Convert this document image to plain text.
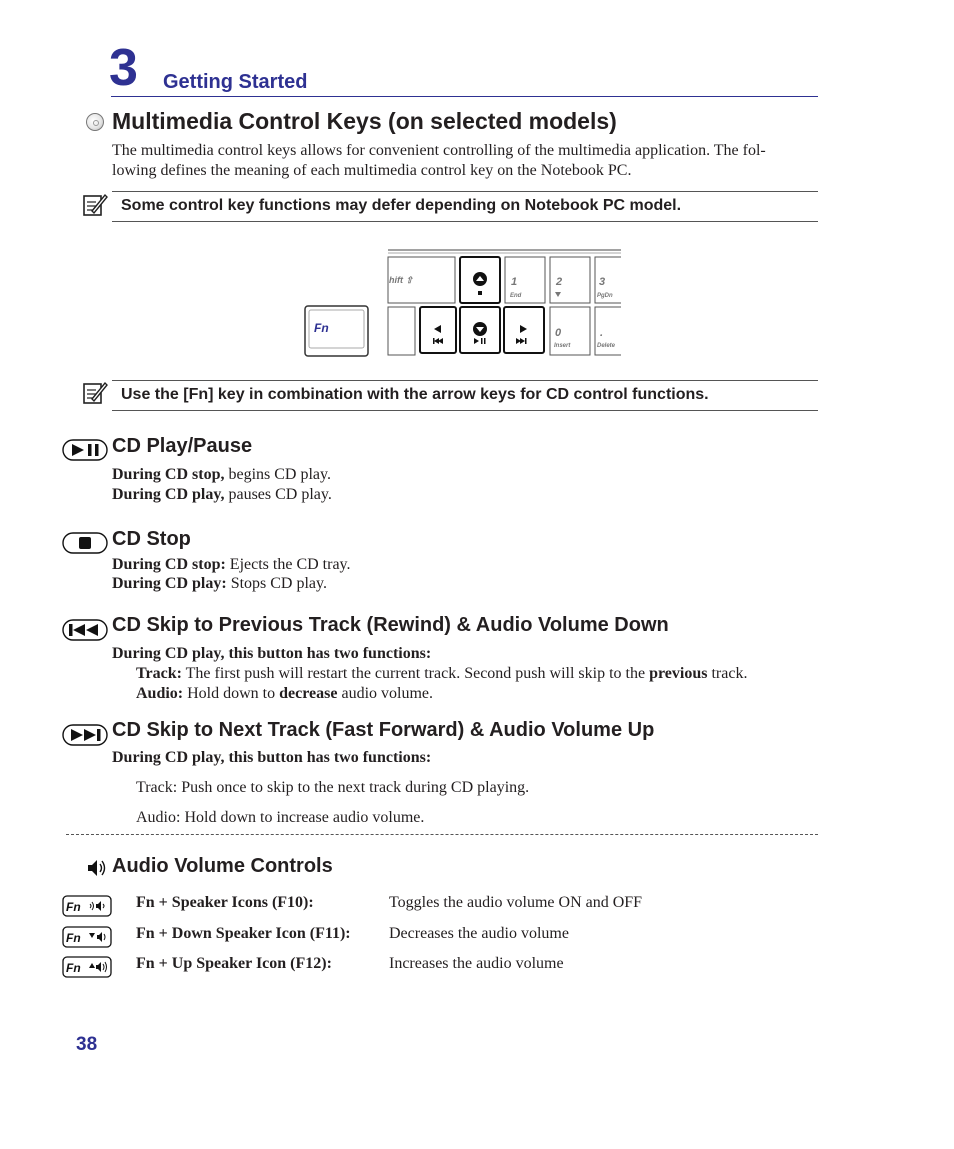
3 Getting Started
Multimedia Control Keys (on selected models)
The multimedia control keys allows for convenient controlling of the multimedia application. The fol-
lowing defines the meaning of each multimedia control key on the Notebook PC.
Some control key functions may defer depending on Notebook PC model.
Fn
hift ⇧	1
End
2	3
PgDn
0
Insert
.
Delete
Use the [Fn] key in combination with the arrow keys for CD control functions.
CD Play/Pause
During CD stop, begins CD play.
During CD play, pauses CD play.
CD Stop
During CD stop: Ejects the CD tray.
During CD play: Stops CD play.
CD Skip to Previous Track (Rewind) & Audio Volume Down
During CD play, this button has two functions:
Track: The first push will restart the current track. Second push will skip to the previous track.
Audio: Hold down to decrease audio volume.
CD Skip to Next Track (Fast Forward) & Audio Volume Up
During CD play, this button has two functions:
Track: Push once to skip to the next track during CD playing.
Audio: Hold down to increase audio volume.
Audio Volume Controls
Fn	Fn + Speaker Icons (F10):	Toggles the audio volume ON and OFF
Fn	Fn + Down Speaker Icon (F11): Decreases the audio volume
Fn	Fn + Up Speaker Icon (F12):	Increases the audio volume
38
